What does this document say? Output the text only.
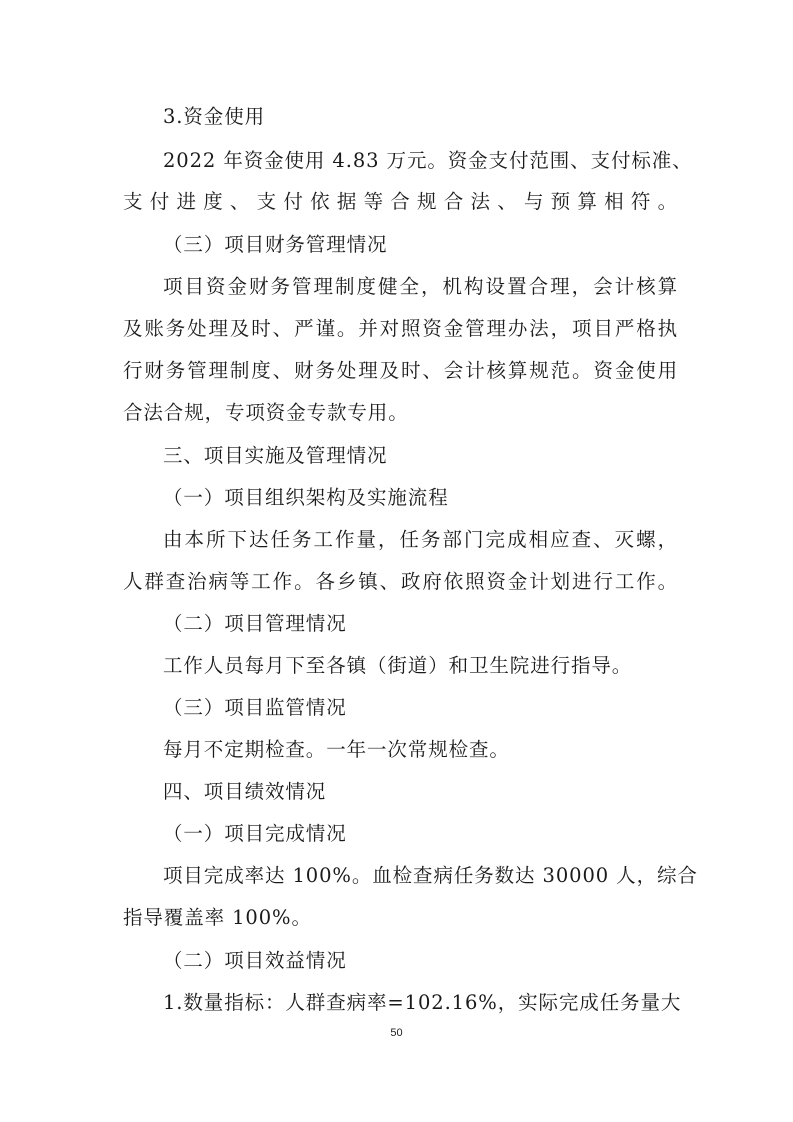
3.资金使用
2022 年资金使用 4.83 万元。资金支付范围、支付标准、
支付进度、支付依据等合规合法、与预算相符。
（三）项目财务管理情况
项目资金财务管理制度健全，机构设置合理，会计核算
及账务处理及时、严谨。并对照资金管理办法，项目严格执
行财务管理制度、财务处理及时、会计核算规范。资金使用
合法合规，专项资金专款专用。
三、项目实施及管理情况
（一）项目组织架构及实施流程
由本所下达任务工作量，任务部门完成相应查、灭螺，
人群查治病等工作。各乡镇、政府依照资金计划进行工作。
（二）项目管理情况
工作人员每月下至各镇（街道）和卫生院进行指导。
（三）项目监管情况
每月不定期检查。一年一次常规检查。
四、项目绩效情况
（一）项目完成情况
项目完成率达 100%。血检查病任务数达 30000 人，综合
指导覆盖率 100%。
（二）项目效益情况
1.数量指标：人群查病率=102.16%，实际完成任务量大
50
